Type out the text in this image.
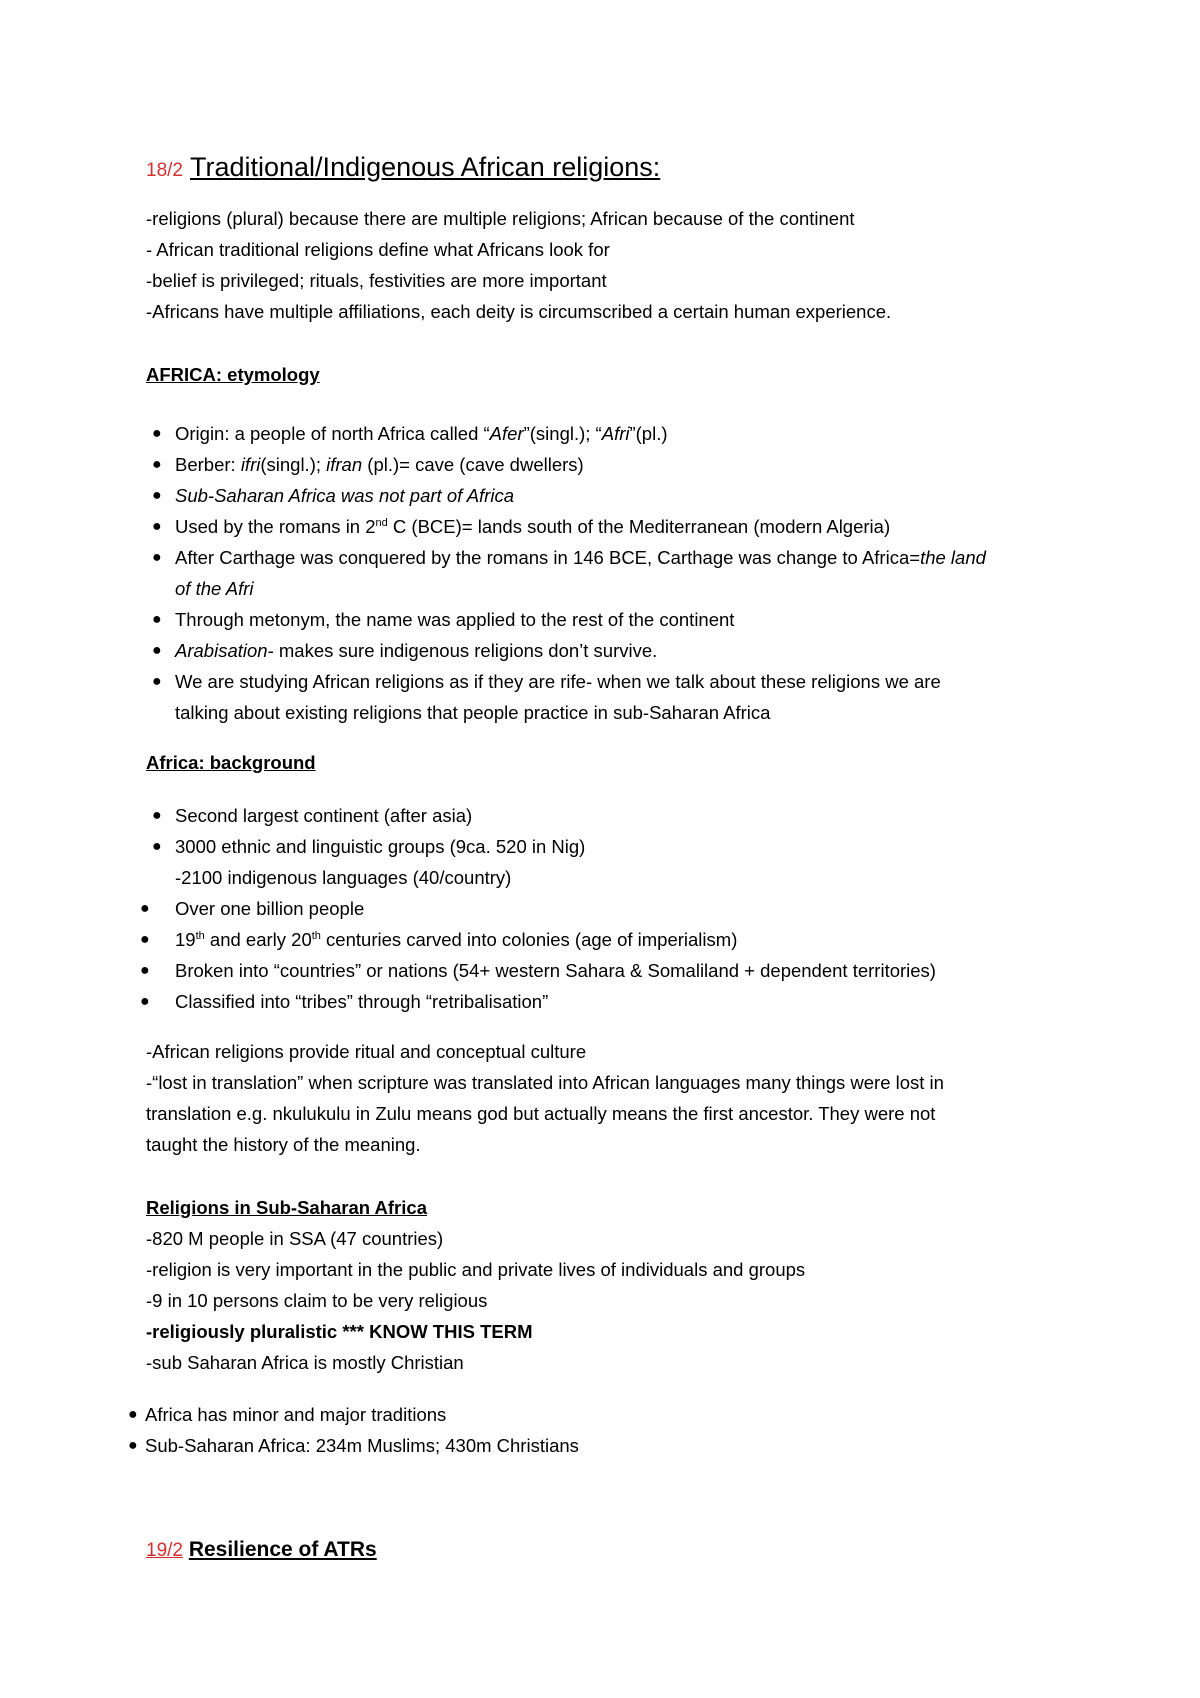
18/2 Traditional/Indigenous African religions:
-religions (plural) because there are multiple religions; African because of the continent
- African traditional religions define what Africans look for
-belief is privileged; rituals, festivities are more important
-Africans have multiple affiliations, each deity is circumscribed a certain human experience.
AFRICA: etymology
● Origin: a people of north Africa called “Afer”(singl.); “Afri”(pl.)
● Berber: ifri(singl.); ifran (pl.)= cave (cave dwellers)
● Sub-Saharan Africa was not part of Africa
● Used by the romans in 2nd C (BCE)= lands south of the Mediterranean (modern Algeria)
● After Carthage was conquered by the romans in 146 BCE, Carthage was change to Africa=the land
of the Afri
● Through metonym, the name was applied to the rest of the continent
● Arabisation- makes sure indigenous religions don’t survive.
● We are studying African religions as if they are rife- when we talk about these religions we are
talking about existing religions that people practice in sub-Saharan Africa
Africa: background
● Second largest continent (after asia)
● 3000 ethnic and linguistic groups (9ca. 520 in Nig)
-2100 indigenous languages (40/country)
● Over one billion people
● 19th and early 20th centuries carved into colonies (age of imperialism)
● Broken into “countries” or nations (54+ western Sahara & Somaliland + dependent territories)
● Classified into “tribes” through “retribalisation”
-African religions provide ritual and conceptual culture
-“lost in translation” when scripture was translated into African languages many things were lost in
translation e.g. nkulukulu in Zulu means god but actually means the first ancestor. They were not
taught the history of the meaning.
Religions in Sub-Saharan Africa
-820 M people in SSA (47 countries)
-religion is very important in the public and private lives of individuals and groups
-9 in 10 persons claim to be very religious
-religiously pluralistic *** KNOW THIS TERM
-sub Saharan Africa is mostly Christian
● Africa has minor and major traditions
● Sub-Saharan Africa: 234m Muslims; 430m Christians
19/2 Resilience of ATRs
